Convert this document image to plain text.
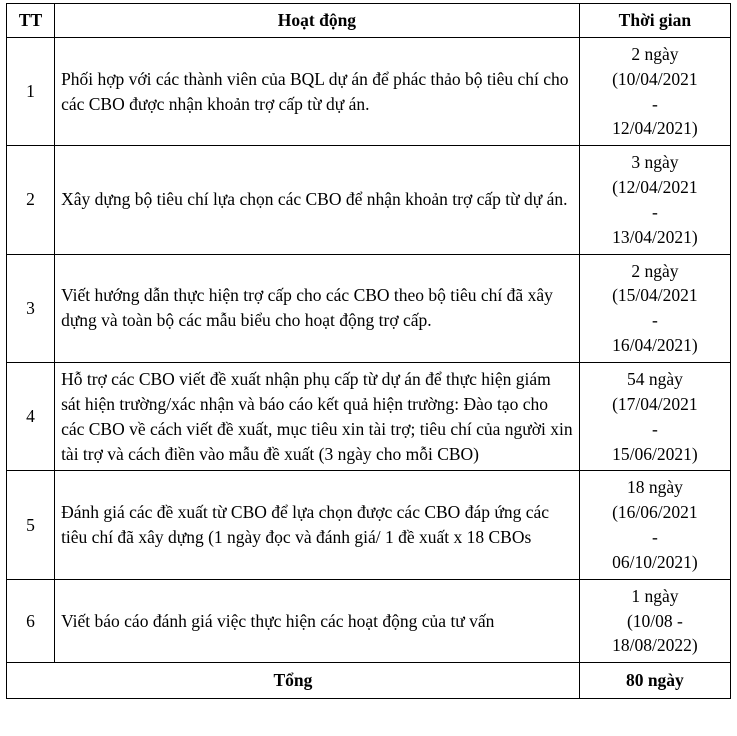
TT	Hoạt động	Thời gian
1	Phối hợp với các thành viên của BQL dự án để phác thảo bộ tiêu chí cho các CBO được nhận khoản trợ cấp từ dự án.	2 ngày
(10/04/2021
-
12/04/2021)

2	Xây dựng bộ tiêu chí lựa chọn các CBO để nhận khoản trợ cấp từ dự án.	3 ngày
(12/04/2021
-
13/04/2021)

3	Viết hướng dẫn thực hiện trợ cấp cho các CBO theo bộ tiêu chí đã xây dựng và toàn bộ các mẫu biểu cho hoạt động trợ cấp.	2 ngày
(15/04/2021
-
16/04/2021)

4	Hỗ trợ các CBO viết đề xuất nhận phụ cấp từ dự án để thực hiện giám sát hiện trường/xác nhận và báo cáo kết quả hiện trường: Đào tạo cho các CBO về cách viết đề xuất, mục tiêu xin tài trợ; tiêu chí của người xin tài trợ và cách điền vào mẫu đề xuất (3 ngày cho mỗi CBO)	
54 ngày
(17/04/2021
-
15/06/2021)

5	Đánh giá các đề xuất từ CBO để lựa chọn được các CBO đáp ứng các tiêu chí đã xây dựng (1 ngày đọc và đánh giá/ 1 đề xuất x 18 CBOs	18 ngày
(16/06/2021
-
06/10/2021)

6	Viết báo cáo đánh giá việc thực hiện các hoạt động của tư vấn	1 ngày
(10/08 -
18/08/2022)

Tổng		80 ngày
